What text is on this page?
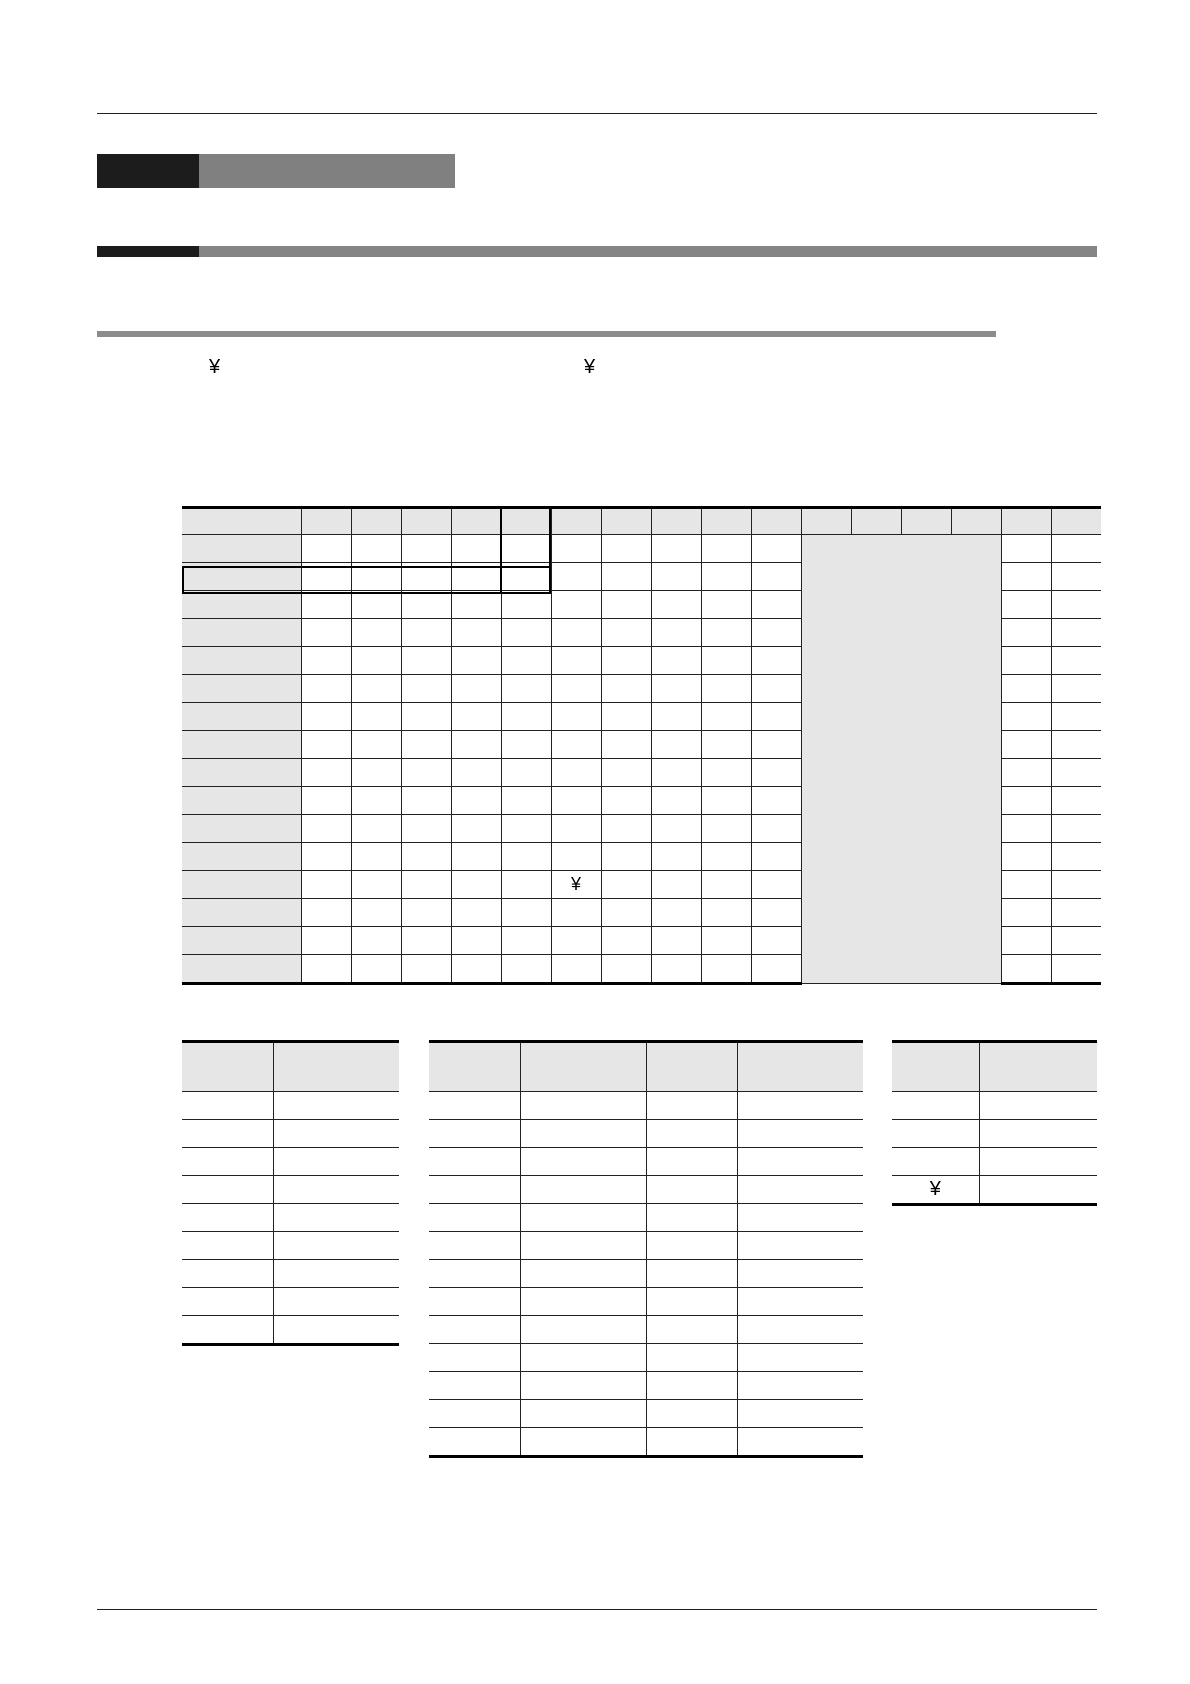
¥	¥

						¥										

¥	
